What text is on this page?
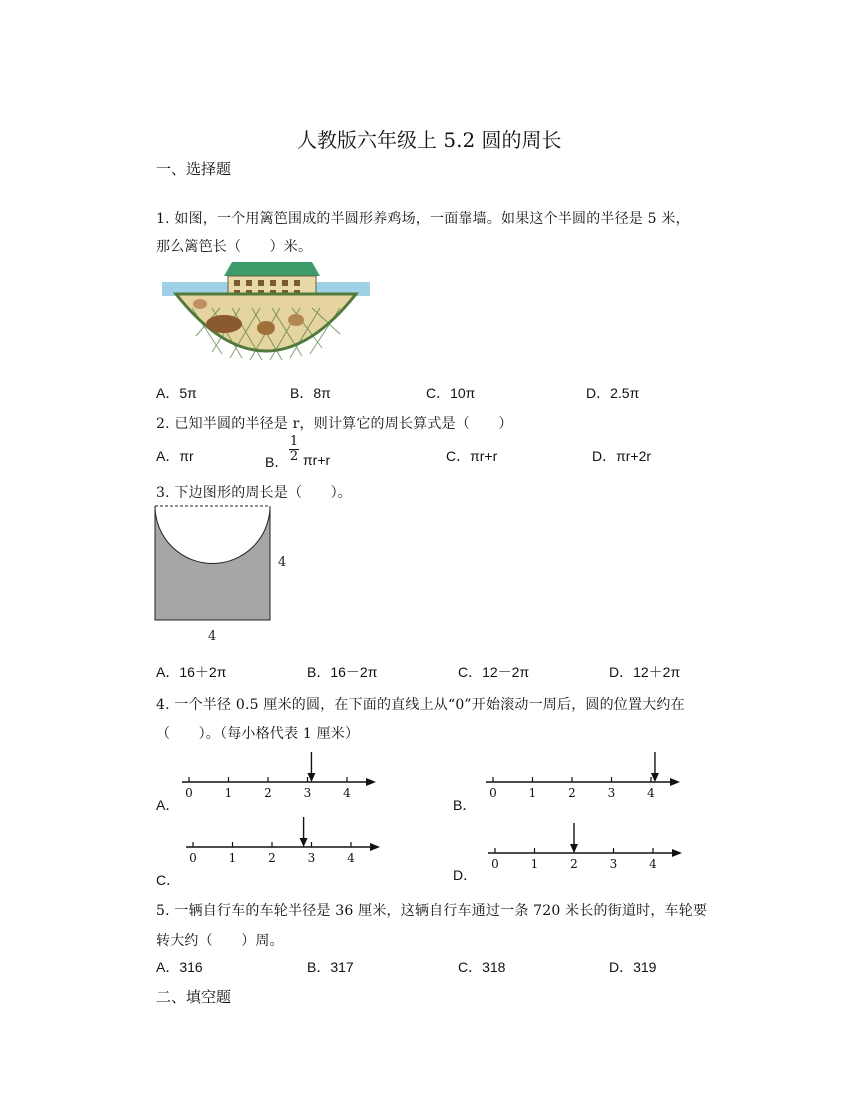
人教版六年级上 5.2 圆的周长
一、选择题
1. 如图，一个用篱笆围成的半圆形养鸡场，一面靠墙。如果这个半圆的半径是 5 米，
那么篱笆长（　　）米。
A．5π	B．8π	C．10π	D．2.5π
2. 已知半圆的半径是 r，则计算它的周长算式是（　　）
A．πr	B．
1
2 πr+r	C．πr+r	D．πr+2r
3. 下边图形的周长是（　　）。
4
4
A．16＋2π	B．16－2π	C．12－2π	D．12＋2π
4. 一个半径 0.5 厘米的圆，在下面的直线上从“0”开始滚动一周后，圆的位置大约在
（　　）。（每小格代表 1 厘米）
A．	B．
C．	D．
0	1	2	3	4	0	1	2	3	4
0	1	2	3	4	0	1	2	3	4
5. 一辆自行车的车轮半径是 36 厘米，这辆自行车通过一条 720 米长的街道时，车轮要
转大约（　　）周。
A．316	B．317	C．318	D．319
二、填空题
